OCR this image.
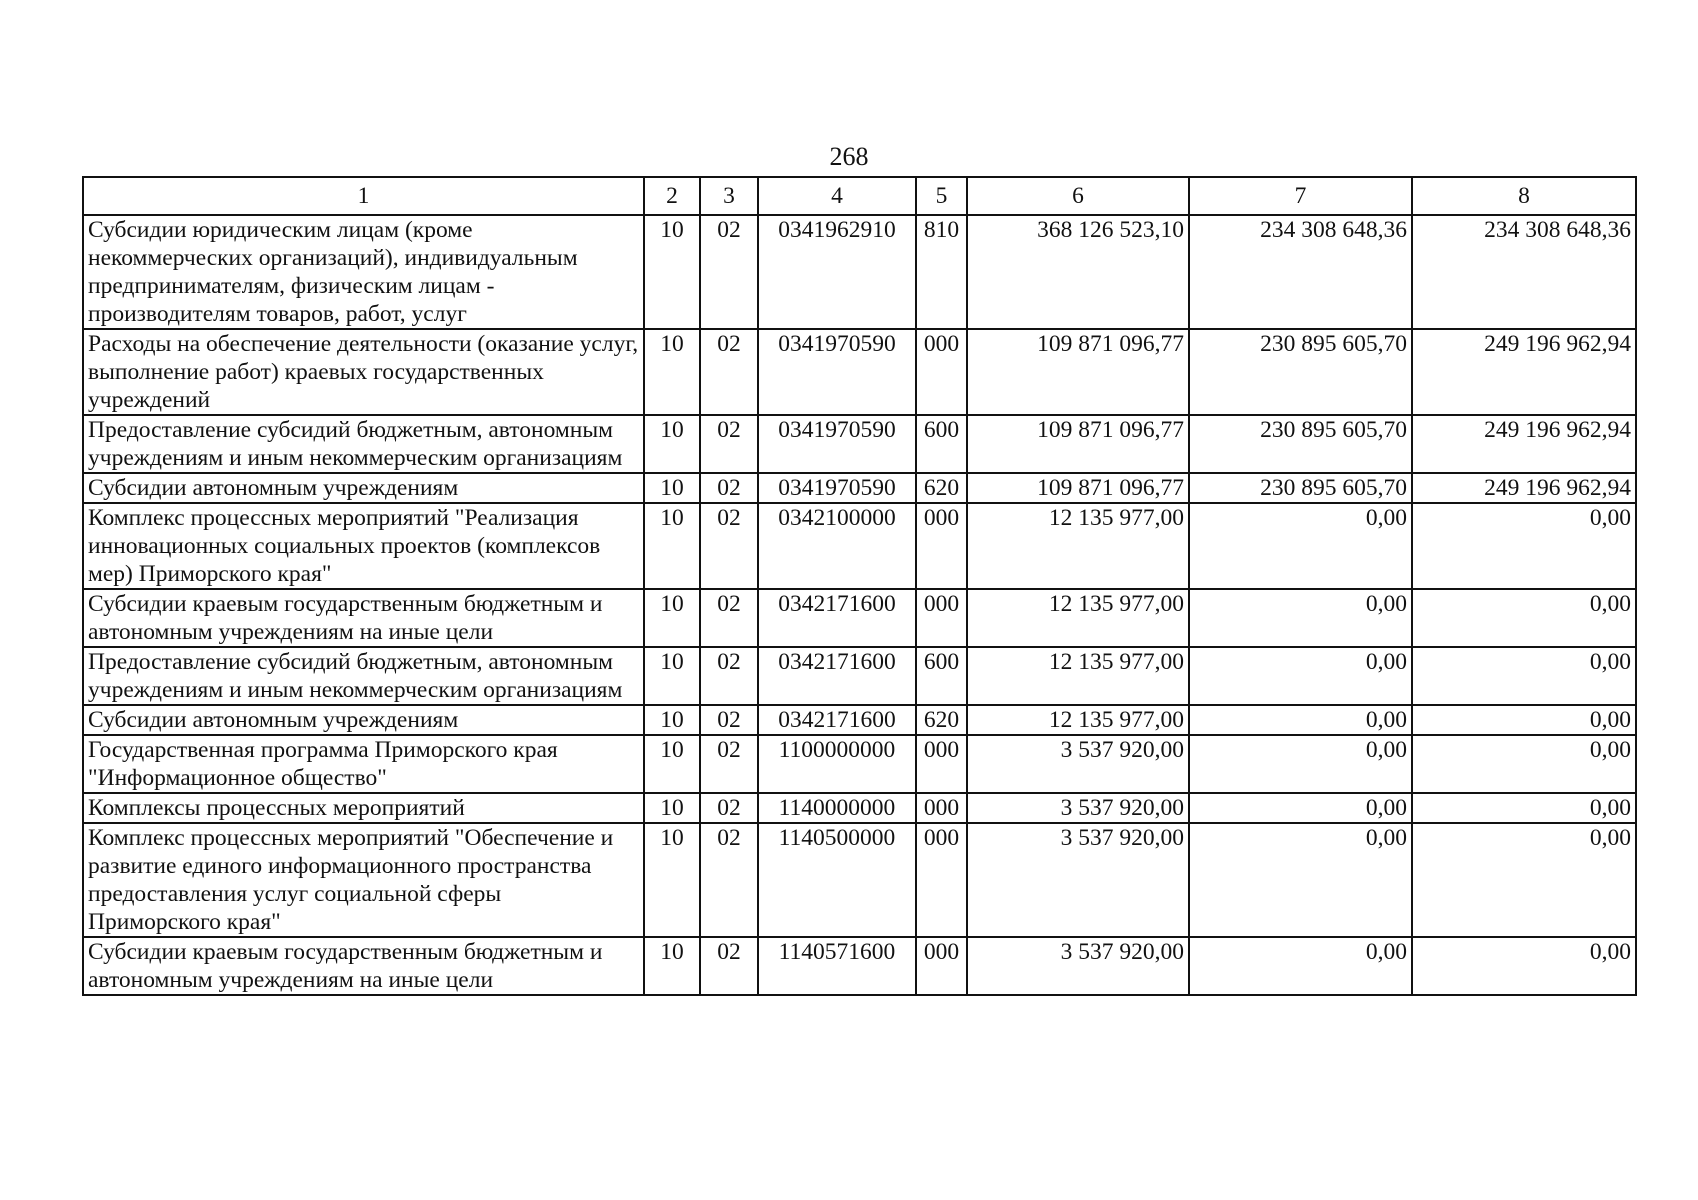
268
1	2	3	4	5	6	7	8
Субсидии юридическим лицам (кроме некоммерческих организаций), индивидуальным предпринимателям, физическим лицам - производителям товаров, работ, услуг	10	02	0341962910	810	368 126 523,10	234 308 648,36	234 308 648,36
Расходы на обеспечение деятельности (оказание услуг, выполнение работ) краевых государственных учреждений	10	02	0341970590	000	109 871 096,77	230 895 605,70	249 196 962,94
Предоставление субсидий бюджетным, автономным учреждениям и иным некоммерческим организациям	10	02	0341970590	600	109 871 096,77	230 895 605,70	249 196 962,94
Субсидии автономным учреждениям	10	02	0341970590	620	109 871 096,77	230 895 605,70	249 196 962,94
Комплекс процессных мероприятий "Реализация инновационных социальных проектов (комплексов мер) Приморского края"	10	02	0342100000	000	12 135 977,00	0,00	0,00
Субсидии краевым государственным бюджетным и автономным учреждениям на иные цели	10	02	0342171600	000	12 135 977,00	0,00	0,00
Предоставление субсидий бюджетным, автономным учреждениям и иным некоммерческим организациям	10	02	0342171600	600	12 135 977,00	0,00	0,00
Субсидии автономным учреждениям	10	02	0342171600	620	12 135 977,00	0,00	0,00
Государственная программа Приморского края "Информационное общество"	10	02	1100000000	000	3 537 920,00	0,00	0,00
Комплексы процессных мероприятий	10	02	1140000000	000	3 537 920,00	0,00	0,00
Комплекс процессных мероприятий "Обеспечение и развитие единого информационного пространства предоставления услуг социальной сферы Приморского края"	10	02	1140500000	000	3 537 920,00	0,00	0,00
Субсидии краевым государственным бюджетным и автономным учреждениям на иные цели	10	02	1140571600	000	3 537 920,00	0,00	0,00
